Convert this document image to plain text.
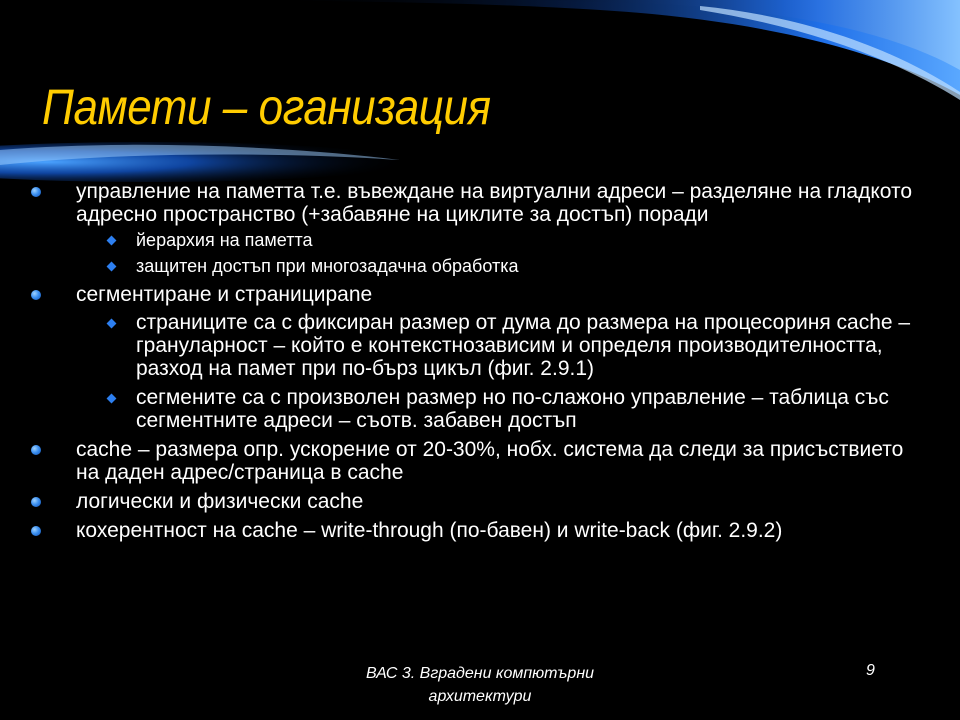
Памети – оганизация
управление на паметта т.е. въвеждане на виртуални адреси – разделяне на гладкото адресно пространство (+забавяне на циклите за достъп) поради
йерархия на паметта
защитен достъп при многозадачна обработка
сегментиране и страницирane
страниците са с фиксиран размер от дума до размера на процесориня cache – грануларност – който е контекстнозависим и определя производителността, разход на памет при по-бърз цикъл (фиг. 2.9.1)
сегмените са с произволен размер но по-слажоно управление – таблица със сегментните адреси – съотв. забавен достъп
cache – размера опр. ускорение от 20-30%, нобх. система да следи за присъствието на даден адрес/страница в cache
логически и физически cache
кохерентност на cache – write-through (по-бавен) и write-back (фиг. 2.9.2)
ВАС 3. Вградени компютърни архитектури
9
